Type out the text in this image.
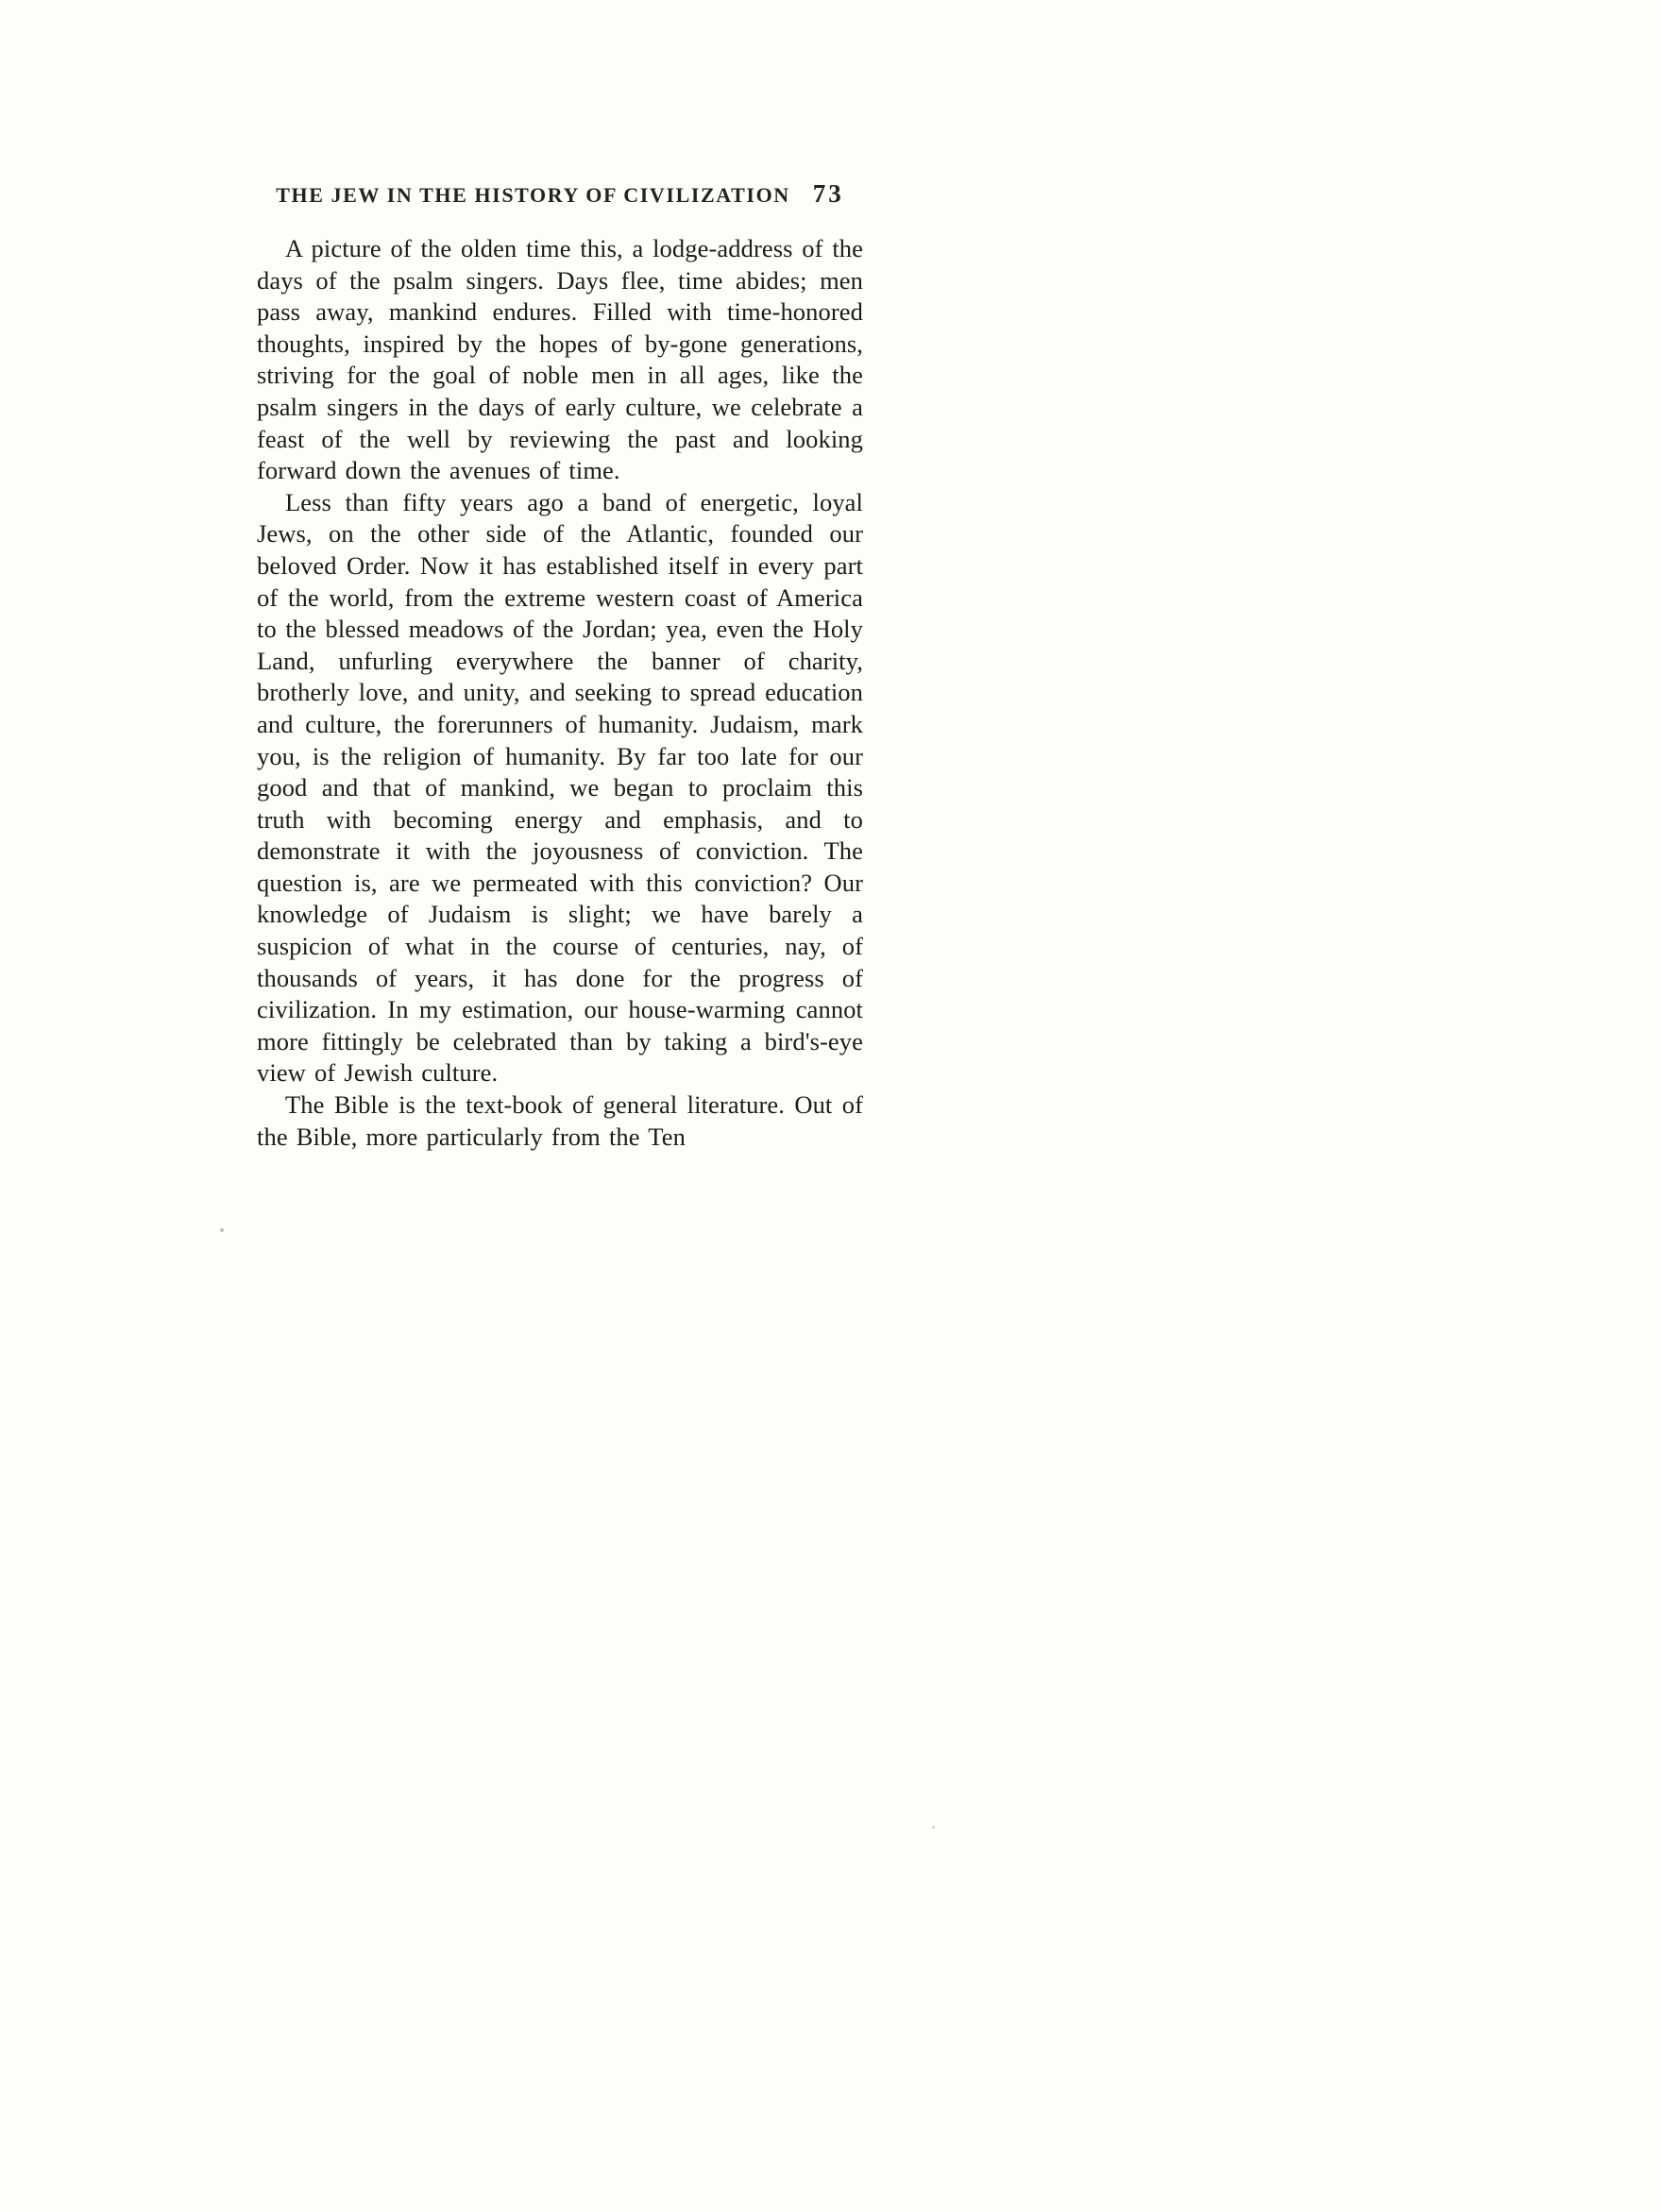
THE JEW IN THE HISTORY OF CIVILIZATION 73

A picture of the olden time this, a lodge-address of the days of the psalm singers. Days flee, time abides; men pass away, mankind endures. Filled with time-honored thoughts, inspired by the hopes of by-gone generations, striving for the goal of noble men in all ages, like the psalm singers in the days of early culture, we celebrate a feast of the well by reviewing the past and looking forward down the avenues of time.

Less than fifty years ago a band of energetic, loyal Jews, on the other side of the Atlantic, founded our beloved Order. Now it has established itself in every part of the world, from the extreme western coast of America to the blessed meadows of the Jordan; yea, even the Holy Land, unfurling everywhere the banner of charity, brotherly love, and unity, and seeking to spread education and culture, the forerunners of humanity. Judaism, mark you, is the religion of humanity. By far too late for our good and that of mankind, we began to proclaim this truth with becoming energy and emphasis, and to demonstrate it with the joyousness of conviction. The question is, are we permeated with this conviction? Our knowledge of Judaism is slight; we have barely a suspicion of what in the course of centuries, nay, of thousands of years, it has done for the progress of civilization. In my estimation, our house-warming cannot more fittingly be celebrated than by taking a bird's-eye view of Jewish culture.

The Bible is the text-book of general literature. Out of the Bible, more particularly from the Ten
